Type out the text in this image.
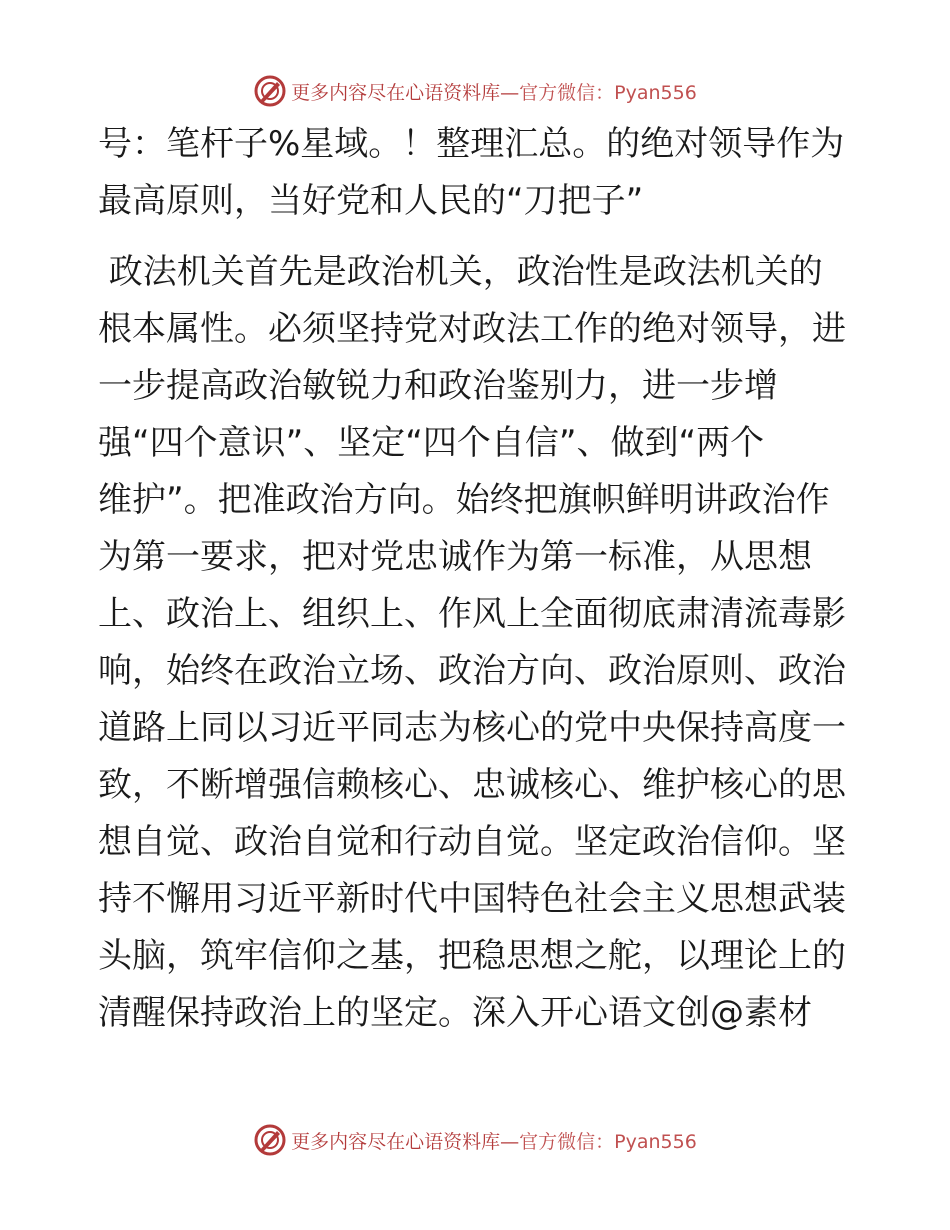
更多内容尽在心语资料库— 官方微信：Pyan556
号：笔杆子%星域。！整理汇总。的绝对领导作为
最高原则，当好党和人民的“刀把子”
政法机关首先是政治机关，政治性是政法机关的
根本属性。必须坚持党对政法工作的绝对领导，进
一步提高政治敏锐力和政治鉴别力，进一步增
强“四个意识”、坚定“四个自信”、做到“两个
维护”。把准政治方向。始终把旗帜鲜明讲政治作
为第一要求，把对党忠诚作为第一标准，从思想
上、政治上、组织上、作风上全面彻底肃清流毒影
响，始终在政治立场、政治方向、政治原则、政治
道路上同以习近平同志为核心的党中央保持高度一
致，不断增强信赖核心、忠诚核心、维护核心的思
想自觉、政治自觉和行动自觉。坚定政治信仰。坚
持不懈用习近平新时代中国特色社会主义思想武装
头脑，筑牢信仰之基，把稳思想之舵，以理论上的
清醒保持政治上的坚定。深入开心语文创@素材
更多内容尽在心语资料库— 官方微信：Pyan556
